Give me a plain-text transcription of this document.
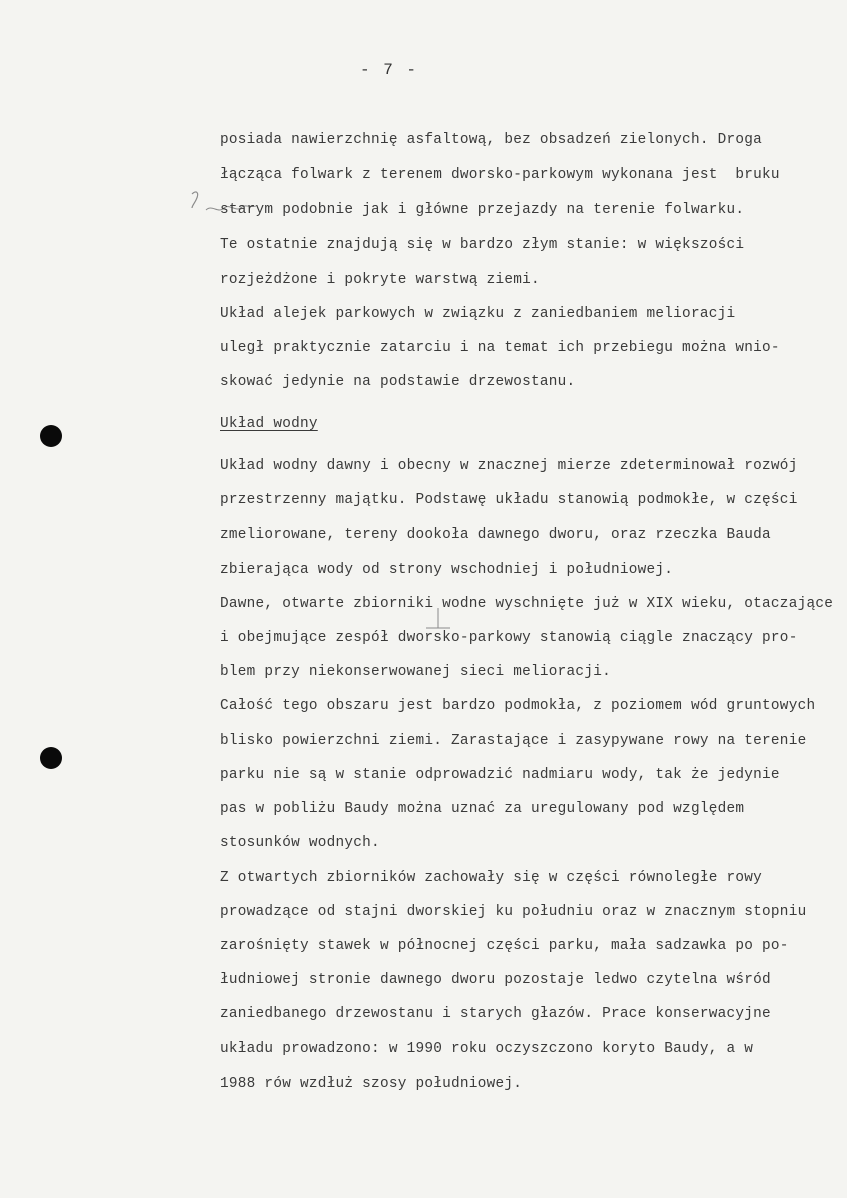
- 7 -
posiada nawierzchnię asfaltową, bez obsadzeń zielonych. Droga
łącząca folwark z terenem dworsko-parkowym wykonana jest  bruku
starym podobnie jak i główne przejazdy na terenie folwarku.
Te ostatnie znajdują się w bardzo złym stanie: w większości
rozjeżdżone i pokryte warstwą ziemi.
Układ alejek parkowych w związku z zaniedbaniem melioracji
uległ praktycznie zatarciu i na temat ich przebiegu można wnio-
skować jedynie na podstawie drzewostanu.
Układ wodny
Układ wodny dawny i obecny w znacznej mierze zdeterminował rozwój
przestrzenny majątku. Podstawę układu stanowią podmokłe, w części
zmeliorowane, tereny dookoła dawnego dworu, oraz rzeczka Bauda
zbierająca wody od strony wschodniej i południowej.
Dawne, otwarte zbiorniki wodne wyschnięte już w XIX wieku, otaczające
i obejmujące zespół dworsko-parkowy stanowią ciągle znaczący pro-
blem przy niekonserwowanej sieci melioracji.
Całość tego obszaru jest bardzo podmokła, z poziomem wód gruntowych
blisko powierzchni ziemi. Zarastające i zasypywane rowy na terenie
parku nie są w stanie odprowadzić nadmiaru wody, tak że jedynie
pas w pobliżu Baudy można uznać za uregulowany pod względem
stosunków wodnych.
Z otwartych zbiorników zachowały się w części równoległe rowy
prowadzące od stajni dworskiej ku południu oraz w znacznym stopniu
zarośnięty stawek w północnej części parku, mała sadzawka po po-
łudniowej stronie dawnego dworu pozostaje ledwo czytelna wśród
zaniedbanego drzewostanu i starych głazów. Prace konserwacyjne
układu prowadzono: w 1990 roku oczyszczono koryto Baudy, a w
1988 rów wzdłuż szosy południowej.
